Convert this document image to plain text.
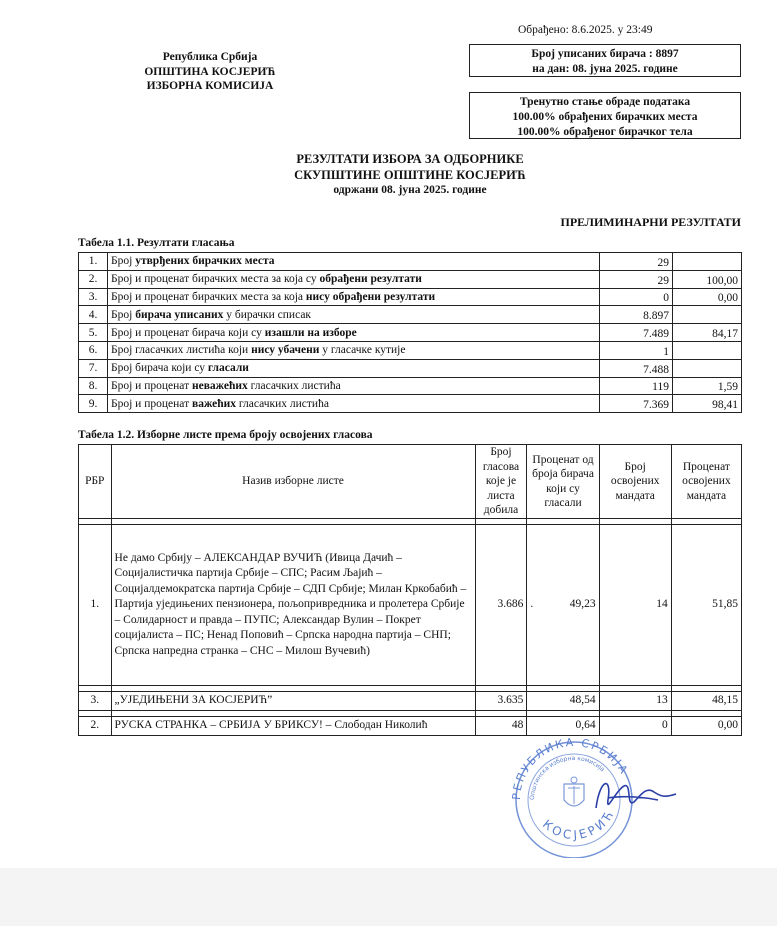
Обрађено: 8.6.2025. у 23:49
Република Србија
ОПШТИНА КОСЈЕРИЋ
ИЗБОРНА КОМИСИЈА
Број уписаних бирача : 8897
на дан: 08. јуна 2025. године
Тренутно стање обраде података
100.00% обрађених бирачких места
100.00% обрађеног бирачког тела
РЕЗУЛТАТИ ИЗБОРА ЗА ОДБОРНИКЕ
СКУПШТИНЕ ОПШТИНЕ КОСЈЕРИЋ
одржани 08. јуна 2025. године
ПРЕЛИМИНАРНИ РЕЗУЛТАТИ
Табела 1.1. Резултати гласања
1.	Број утврђених бирачких места	29	
2.	Број и проценат бирачких места за која су обрађени резултати	29	100,00
3.	Број и проценат бирачких места за која нису обрађени резултати	0	0,00
4.	Број бирача уписаних у бирачки списак	8.897	
5.	Број и проценат бирача који су изашли на изборе	7.489	84,17
6.	Број гласачких листића који нису убачени у гласачке кутије	1	
7.	Број бирача који су гласали	7.488	
8.	Број и проценат неважећих гласачких листића	119	1,59
9.	Број и проценат важећих гласачких листића	7.369	98,41
Табела 1.2. Изборне листе према броју освојених гласова
РБР	Назив изборне листе	Број гласова које је листа добила	Проценат од броја бирача који су гласали	Број освојених мандата	Проценат освојених мандата

1.	Не дамо Србију – АЛЕКСАНДАР ВУЧИЋ (Ивица Дачић – Социјалистичка партија Србије – СПС; Расим Љајић – Социјалдемократска партија Србије – СДП Србије; Милан Кркобабић – Партија уједињених пензионера, пољопривредника и пролетера Србије – Солидарност и правда – ПУПС; Александар Вулин – Покрет социјалиста – ПС; Ненад Поповић – Српска народна партија – СНП; Српска напредна странка – СНС – Милош Вучевић)	3.686	. 49,23	14	51,85

3.	„УЈЕДИЊЕНИ ЗА КОСЈЕРИЋ”	3.635	48,54	13	48,15

2.	РУСКА СТРАНКА – СРБИЈА У БРИКСУ! – Слободан Николић	48	0,64	0	0,00
РЕПУБЛИКА СРБИЈА
Општинска изборна комисија
КОСЈЕРИЋ
